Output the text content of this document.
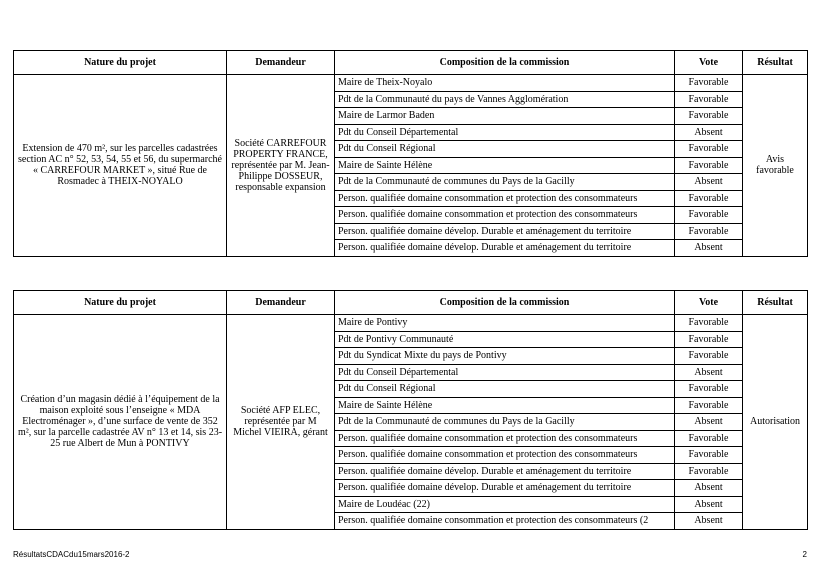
Nature du projet	Demandeur	Composition de la commission	Vote	Résultat
Extension de 470 m², sur les parcelles cadastrées section AC n° 52, 53, 54, 55 et 56, du supermarché « CARREFOUR MARKET », situé Rue de Rosmadec à THEIX-NOYALO	Société CARREFOUR PROPERTY FRANCE, représentée par M. Jean-Philippe DOSSEUR, responsable expansion	Maire de Theix-Noyalo	Favorable	Avis favorable
		Pdt de la Communauté du pays de Vannes Agglomération	Favorable	
		Maire de Larmor Baden	Favorable	
		Pdt du Conseil Départemental	Absent	
		Pdt du Conseil Régional	Favorable	
		Maire de Sainte Hélène	Favorable	
		Pdt de la Communauté de communes du Pays de la Gacilly	Absent	
		Person. qualifiée domaine consommation et protection des consommateurs	Favorable	
		Person. qualifiée domaine consommation et protection des consommateurs	Favorable	
		Person. qualifiée domaine dévelop. Durable et aménagement du territoire	Favorable	
		Person. qualifiée domaine dévelop. Durable et aménagement du territoire	Absent	
Nature du projet	Demandeur	Composition de la commission	Vote	Résultat
Création d’un magasin dédié à l’équipement de la maison exploité sous l’enseigne « MDA Electroménager », d’une surface de vente de 352 m², sur la parcelle cadastrée AV n° 13 et 14, sis 23-25 rue Albert de Mun à PONTIVY	Société AFP ELEC, représentée par M Michel VIEIRA, gérant	Maire de Pontivy	Favorable	Autorisation
		Pdt de Pontivy Communauté	Favorable	
		Pdt du Syndicat Mixte du pays de Pontivy	Favorable	
		Pdt du Conseil Départemental	Absent	
		Pdt du Conseil Régional	Favorable	
		Maire de Sainte Hélène	Favorable	
		Pdt de la Communauté de communes du Pays de la Gacilly	Absent	
		Person. qualifiée domaine consommation et protection des consommateurs	Favorable	
		Person. qualifiée domaine consommation et protection des consommateurs	Favorable	
		Person. qualifiée domaine dévelop. Durable et aménagement du territoire	Favorable	
		Person. qualifiée domaine dévelop. Durable et aménagement du territoire	Absent	
		Maire de Loudéac (22)	Absent	
		Person. qualifiée domaine consommation et protection des consommateurs (2	Absent	
RésultatsCDACdu15mars2016-2	2
